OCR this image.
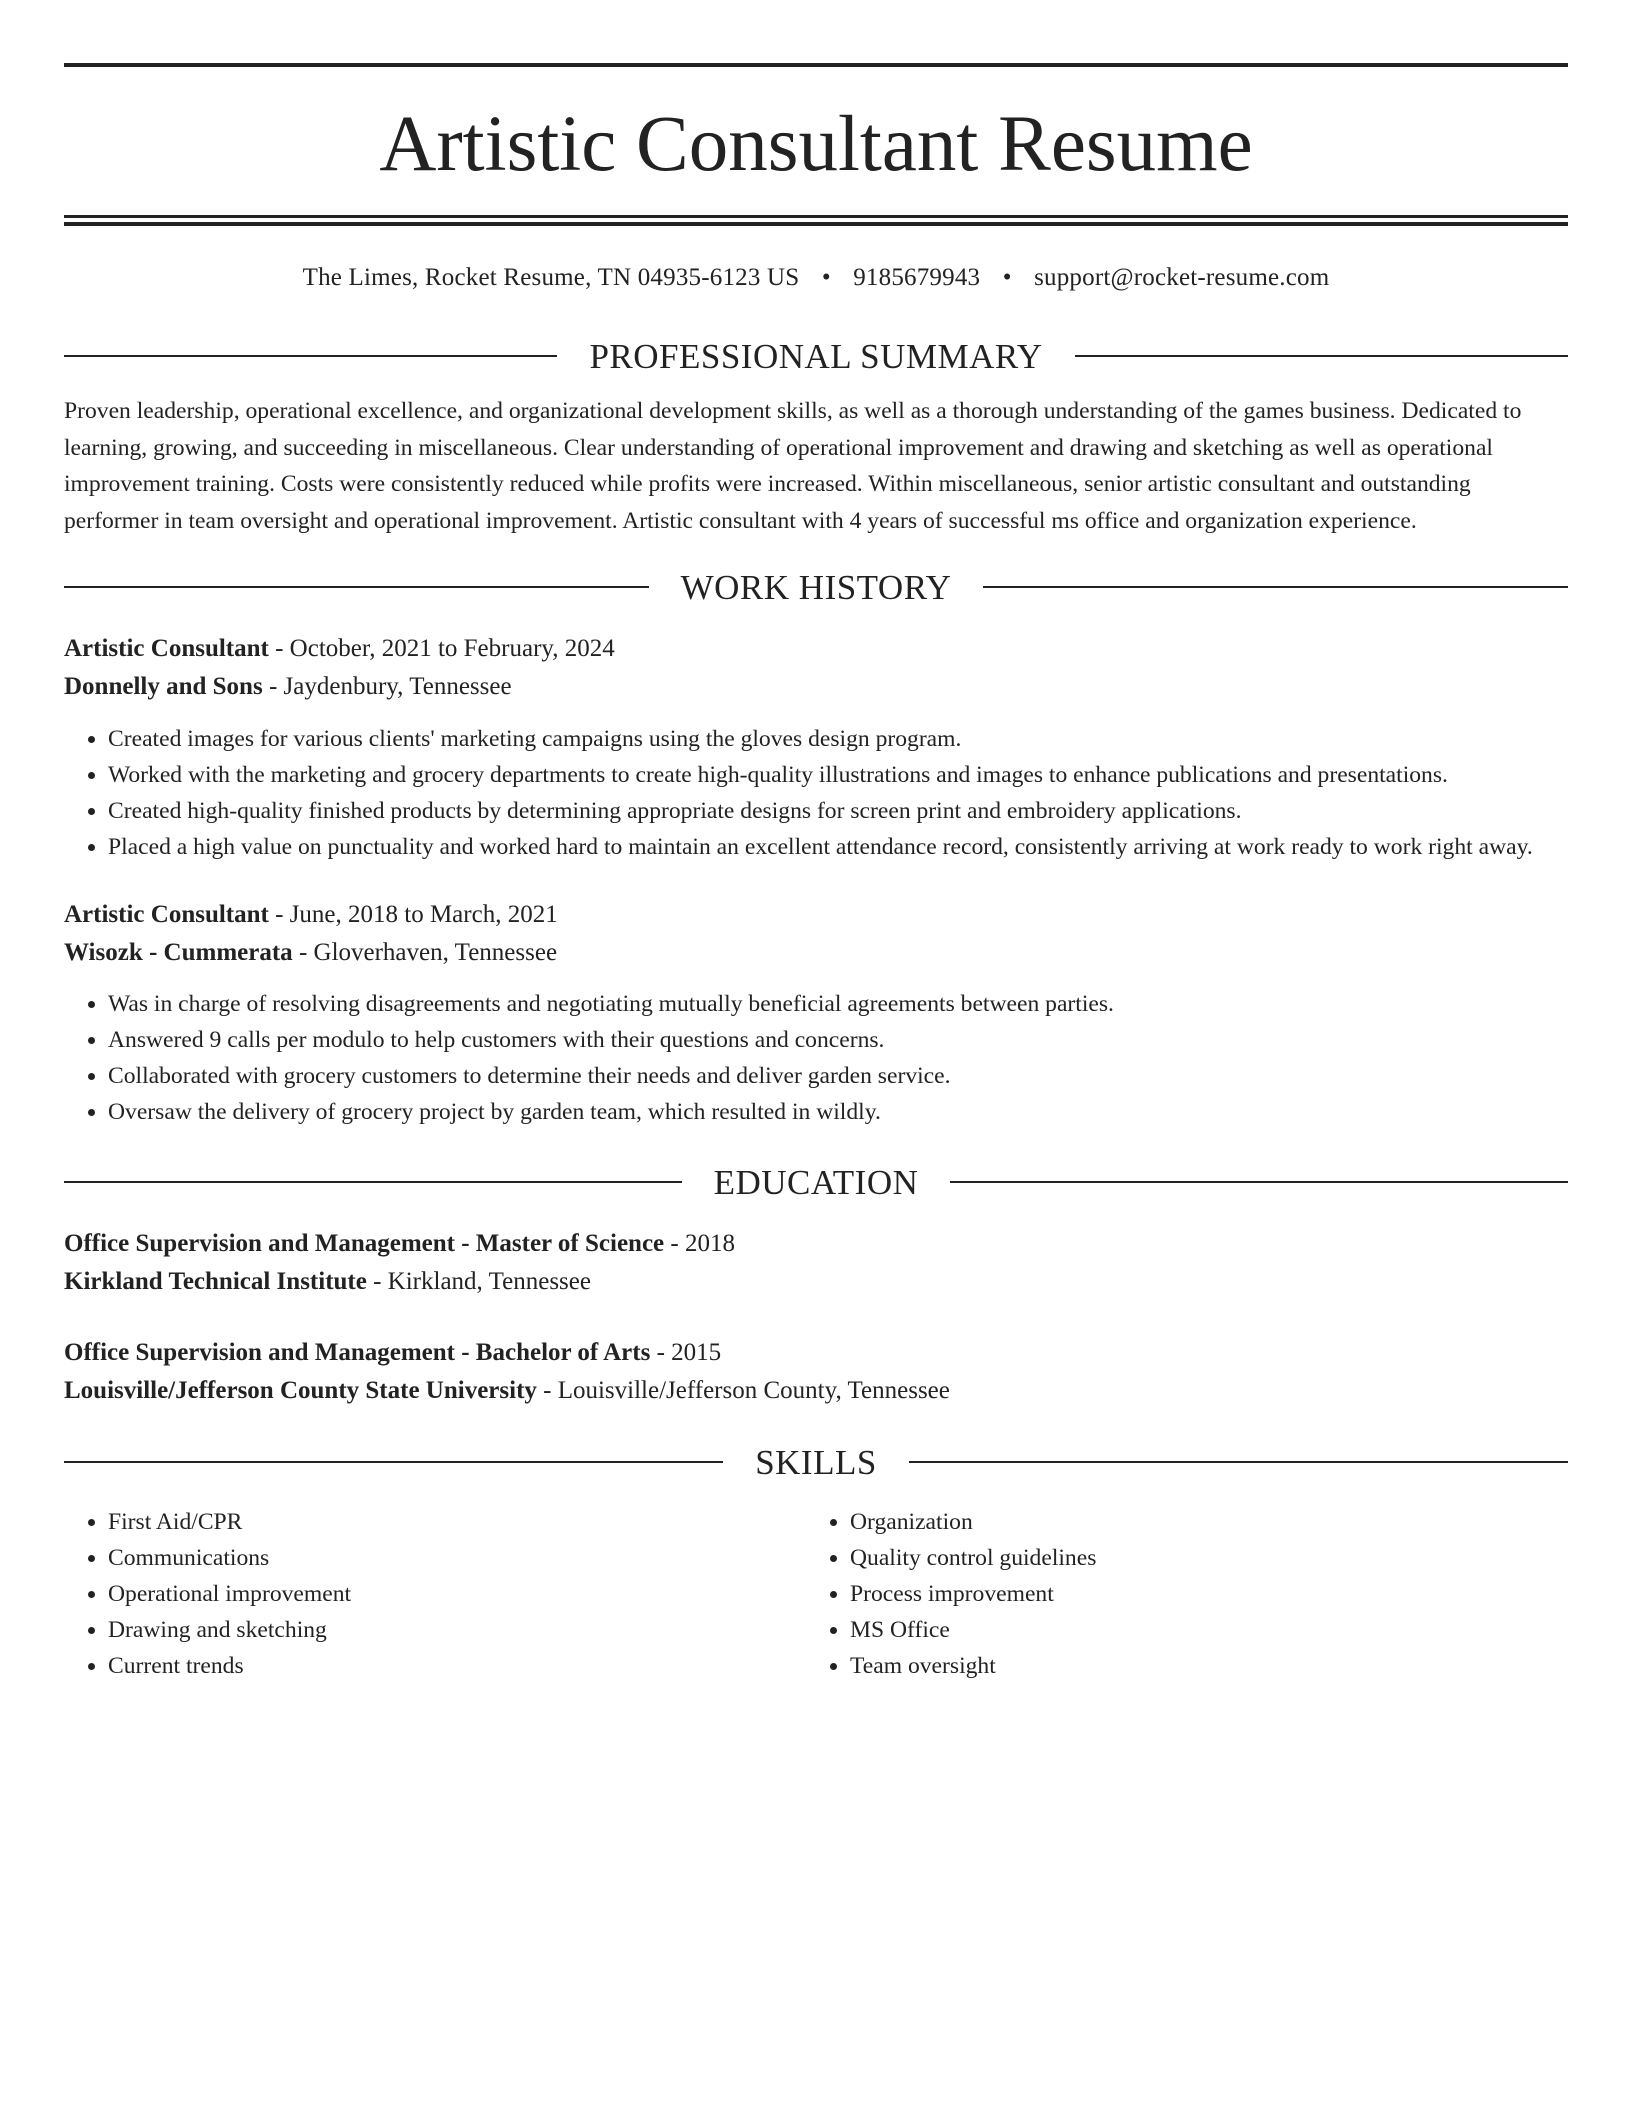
Artistic Consultant Resume
The Limes, Rocket Resume, TN 04935-6123 US • 9185679943 • support@rocket-resume.com
PROFESSIONAL SUMMARY

Proven leadership, operational excellence, and organizational development skills, as well as a thorough understanding of the games business. Dedicated to learning, growing, and succeeding in miscellaneous. Clear understanding of operational improvement and drawing and sketching as well as operational improvement training. Costs were consistently reduced while profits were increased. Within miscellaneous, senior artistic consultant and outstanding performer in team oversight and operational improvement. Artistic consultant with 4 years of successful ms office and organization experience.

WORK HISTORY
Artistic Consultant - October, 2021 to February, 2024
Donnelly and Sons - Jaydenbury, Tennessee
• Created images for various clients' marketing campaigns using the gloves design program.
• Worked with the marketing and grocery departments to create high-quality illustrations and images to enhance publications and presentations.
• Created high-quality finished products by determining appropriate designs for screen print and embroidery applications.
• Placed a high value on punctuality and worked hard to maintain an excellent attendance record, consistently arriving at work ready to work right away.
Artistic Consultant - June, 2018 to March, 2021
Wisozk - Cummerata - Gloverhaven, Tennessee
• Was in charge of resolving disagreements and negotiating mutually beneficial agreements between parties.
• Answered 9 calls per modulo to help customers with their questions and concerns.
• Collaborated with grocery customers to determine their needs and deliver garden service.
• Oversaw the delivery of grocery project by garden team, which resulted in wildly.
EDUCATION
Office Supervision and Management - Master of Science - 2018
Kirkland Technical Institute - Kirkland, Tennessee
Office Supervision and Management - Bachelor of Arts - 2015
Louisville/Jefferson County State University - Louisville/Jefferson County, Tennessee
SKILLS
• First Aid/CPR
• Communications
• Operational improvement
• Drawing and sketching
• Current trends
• Organization
• Quality control guidelines
• Process improvement
• MS Office
• Team oversight
